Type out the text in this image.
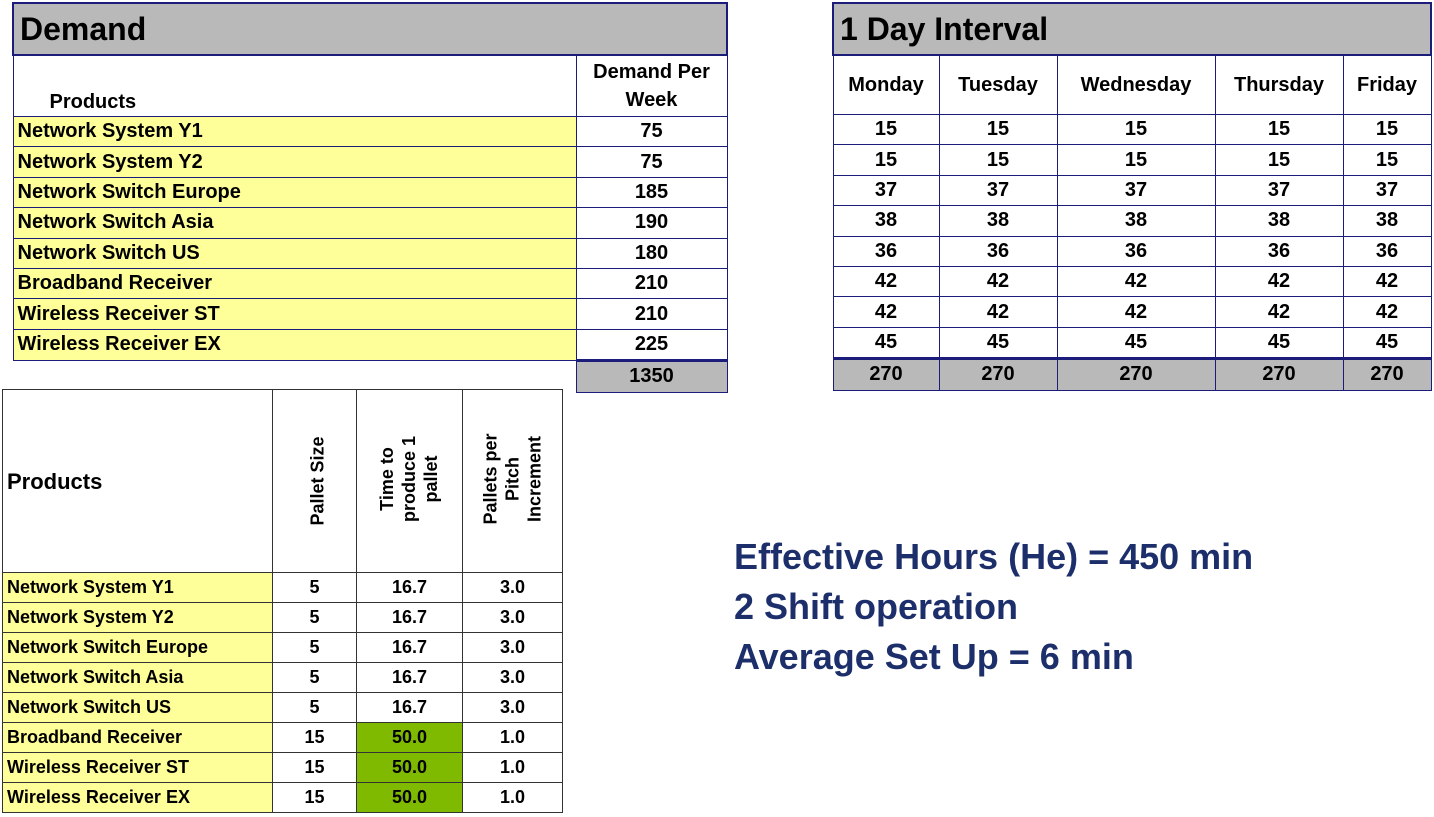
Demand	
Products	Demand Per Week
Network System Y1	75
Network System Y2	75
Network Switch Europe	185
Network Switch Asia	190
Network Switch US	180
Broadband Receiver	210
Wireless Receiver ST	210
Wireless Receiver EX	225
	1350
1 Day Interval				
Monday	Tuesday	Wednesday	Thursday	Friday
15	15	15	15	15
15	15	15	15	15
37	37	37	37	37
38	38	38	38	38
36	36	36	36	36
42	42	42	42	42
42	42	42	42	42
45	45	45	45	45
270	270	270	270	270
Products	Pallet Size	Time to produce 1 pallet	Pallets per Pitch Increment
Network System Y1	5	16.7	3.0
Network System Y2	5	16.7	3.0
Network Switch Europe	5	16.7	3.0
Network Switch Asia	5	16.7	3.0
Network Switch US	5	16.7	3.0
Broadband Receiver	15	50.0	1.0
Wireless Receiver ST	15	50.0	1.0
Wireless Receiver EX	15	50.0	1.0
Effective Hours (He) = 450 min
2 Shift operation
Average Set Up = 6 min
